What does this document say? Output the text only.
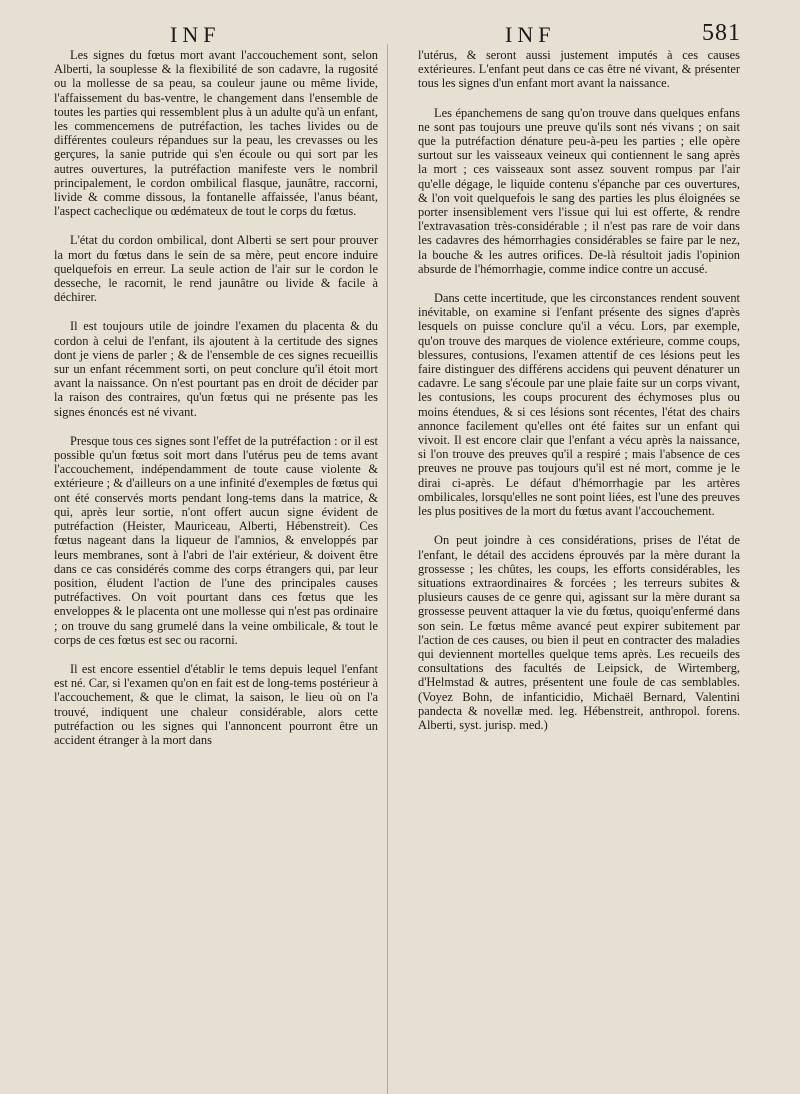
INF	INF	581

Les signes du fœtus mort avant l'accouchement sont, selon Alberti, la souplesse & la flexibilité de son cadavre, la rugosité ou la mollesse de sa peau, sa couleur jaune ou même livide, l'affaissement du bas-ventre, le changement dans l'ensemble de toutes les parties qui ressemblent plus à un adulte qu'à un enfant, les commencemens de putréfaction, les taches livides ou de différentes couleurs répandues sur la peau, les crevasses ou les gerçures, la sanie putride qui s'en écoule ou qui sort par les autres ouvertures, la putréfaction manifeste vers le nombril principalement, le cordon ombilical flasque, jaunâtre, raccorni, livide & comme dissous, la fontanelle affaissée, l'anus béant, l'aspect cacheclique ou œdémateux de tout le corps du fœtus.

L'état du cordon ombilical, dont Alberti se sert pour prouver la mort du fœtus dans le sein de sa mère, peut encore induire quelquefois en erreur. La seule action de l'air sur le cordon le desseche, le racornit, le rend jaunâtre ou livide & facile à déchirer.

Il est toujours utile de joindre l'examen du placenta & du cordon à celui de l'enfant, ils ajoutent à la certitude des signes dont je viens de parler ; & de l'ensemble de ces signes recueillis sur un enfant récemment sorti, on peut conclure qu'il étoit mort avant la naissance. On n'est pourtant pas en droit de décider par la raison des contraires, qu'un fœtus qui ne présente pas les signes énoncés est né vivant.

Presque tous ces signes sont l'effet de la putréfaction : or il est possible qu'un fœtus soit mort dans l'utérus peu de tems avant l'accouchement, indépendamment de toute cause violente & extérieure ; & d'ailleurs on a une infinité d'exemples de fœtus qui ont été conservés morts pendant long-tems dans la matrice, & qui, après leur sortie, n'ont offert aucun signe évident de putréfaction (Heister, Mauriceau, Alberti, Hébenstreit). Ces fœtus nageant dans la liqueur de l'amnios, & enveloppés par leurs membranes, sont à l'abri de l'air extérieur, & doivent être dans ce cas considérés comme des corps étrangers qui, par leur position, éludent l'action de l'une des principales causes putréfactives. On voit pourtant dans ces fœtus que les enveloppes & le placenta ont une mollesse qui n'est pas ordinaire ; on trouve du sang grumelé dans la veine ombilicale, & tout le corps de ces fœtus est sec ou racorni.

Il est encore essentiel d'établir le tems depuis lequel l'enfant est né. Car, si l'examen qu'on en fait est de long-tems postérieur à l'accouchement, & que le climat, la saison, le lieu où on l'a trouvé, indiquent une chaleur considérable, alors cette putréfaction ou les signes qui l'annoncent pourront être un accident étranger à la mort dans

l'utérus, & seront aussi justement imputés à ces causes extérieures. L'enfant peut dans ce cas être né vivant, & présenter tous les signes d'un enfant mort avant la naissance.

Les épanchemens de sang qu'on trouve dans quelques enfans ne sont pas toujours une preuve qu'ils sont nés vivans ; on sait que la putréfaction dénature peu-à-peu les parties ; elle opère surtout sur les vaisseaux veineux qui contiennent le sang après la mort ; ces vaisseaux sont assez souvent rompus par l'air qu'elle dégage, le liquide contenu s'épanche par ces ouvertures, & l'on voit quelquefois le sang des parties les plus éloignées se porter insensiblement vers l'issue qui lui est offerte, & rendre l'extravasation très-considérable ; il n'est pas rare de voir dans les cadavres des hémorrhagies considérables se faire par le nez, la bouche & les autres orifices. De-là résultoit jadis l'opinion absurde de l'hémorrhagie, comme indice contre un accusé.

Dans cette incertitude, que les circonstances rendent souvent inévitable, on examine si l'enfant présente des signes d'après lesquels on puisse conclure qu'il a vécu. Lors, par exemple, qu'on trouve des marques de violence extérieure, comme coups, blessures, contusions, l'examen attentif de ces lésions peut les faire distinguer des différens accidens qui peuvent dénaturer un cadavre. Le sang s'écoule par une plaie faite sur un corps vivant, les contusions, les coups procurent des échymoses plus ou moins étendues, & si ces lésions sont récentes, l'état des chairs annonce facilement qu'elles ont été faites sur un enfant qui vivoit. Il est encore clair que l'enfant a vécu après la naissance, si l'on trouve des preuves qu'il a respiré ; mais l'absence de ces preuves ne prouve pas toujours qu'il est né mort, comme je le dirai ci-après. Le défaut d'hémorrhagie par les artères ombilicales, lorsqu'elles ne sont point liées, est l'une des preuves les plus positives de la mort du fœtus avant l'accouchement.

On peut joindre à ces considérations, prises de l'état de l'enfant, le détail des accidens éprouvés par la mère durant la grossesse ; les chûtes, les coups, les efforts considérables, les situations extraordinaires & forcées ; les terreurs subites & plusieurs causes de ce genre qui, agissant sur la mère durant sa grossesse peuvent attaquer la vie du fœtus, quoiqu'enfermé dans son sein. Le fœtus même avancé peut expirer subitement par l'action de ces causes, ou bien il peut en contracter des maladies qui deviennent mortelles quelque tems après. Les recueils des consultations des facultés de Leipsick, de Wirtemberg, d'Helmstad & autres, présentent une foule de cas semblables. (Voyez Bohn, de infanticidio, Michaël Bernard, Valentini pandecta & novellæ med. leg. Hébenstreit, anthropol. forens. Alberti, syst. jurisp. med.)
